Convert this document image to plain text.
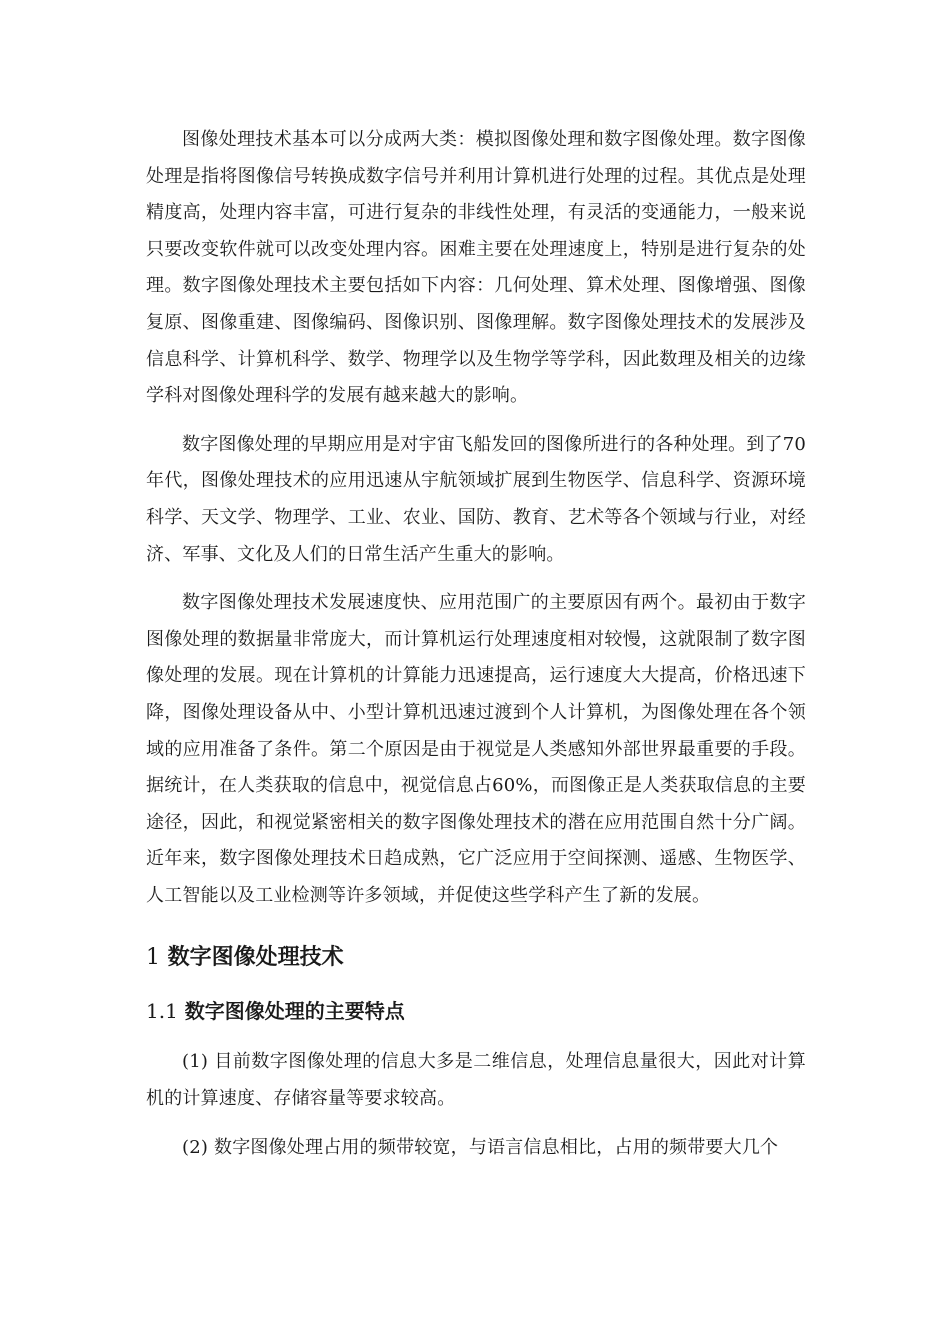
图像处理技术基本可以分成两大类：模拟图像处理和数字图像处理。数字图像处理是指将图像信号转换成数字信号并利用计算机进行处理的过程。其优点是处理精度高，处理内容丰富，可进行复杂的非线性处理，有灵活的变通能力，一般来说只要改变软件就可以改变处理内容。困难主要在处理速度上，特别是进行复杂的处理。数字图像处理技术主要包括如下内容：几何处理、算术处理、图像增强、图像复原、图像重建、图像编码、图像识别、图像理解。数字图像处理技术的发展涉及信息科学、计算机科学、数学、物理学以及生物学等学科，因此数理及相关的边缘学科对图像处理科学的发展有越来越大的影响。

数字图像处理的早期应用是对宇宙飞船发回的图像所进行的各种处理。到了70年代，图像处理技术的应用迅速从宇航领域扩展到生物医学、信息科学、资源环境科学、天文学、物理学、工业、农业、国防、教育、艺术等各个领域与行业，对经济、军事、文化及人们的日常生活产生重大的影响。

数字图像处理技术发展速度快、应用范围广的主要原因有两个。最初由于数字图像处理的数据量非常庞大，而计算机运行处理速度相对较慢，这就限制了数字图像处理的发展。现在计算机的计算能力迅速提高，运行速度大大提高，价格迅速下降，图像处理设备从中、小型计算机迅速过渡到个人计算机，为图像处理在各个领域的应用准备了条件。第二个原因是由于视觉是人类感知外部世界最重要的手段。据统计，在人类获取的信息中，视觉信息占60%，而图像正是人类获取信息的主要途径，因此，和视觉紧密相关的数字图像处理技术的潜在应用范围自然十分广阔。近年来，数字图像处理技术日趋成熟，它广泛应用于空间探测、遥感、生物医学、人工智能以及工业检测等许多领域，并促使这些学科产生了新的发展。

1 数字图像处理技术
1.1 数字图像处理的主要特点

(1) 目前数字图像处理的信息大多是二维信息，处理信息量很大，因此对计算机的计算速度、存储容量等要求较高。

(2) 数字图像处理占用的频带较宽，与语言信息相比，占用的频带要大几个
